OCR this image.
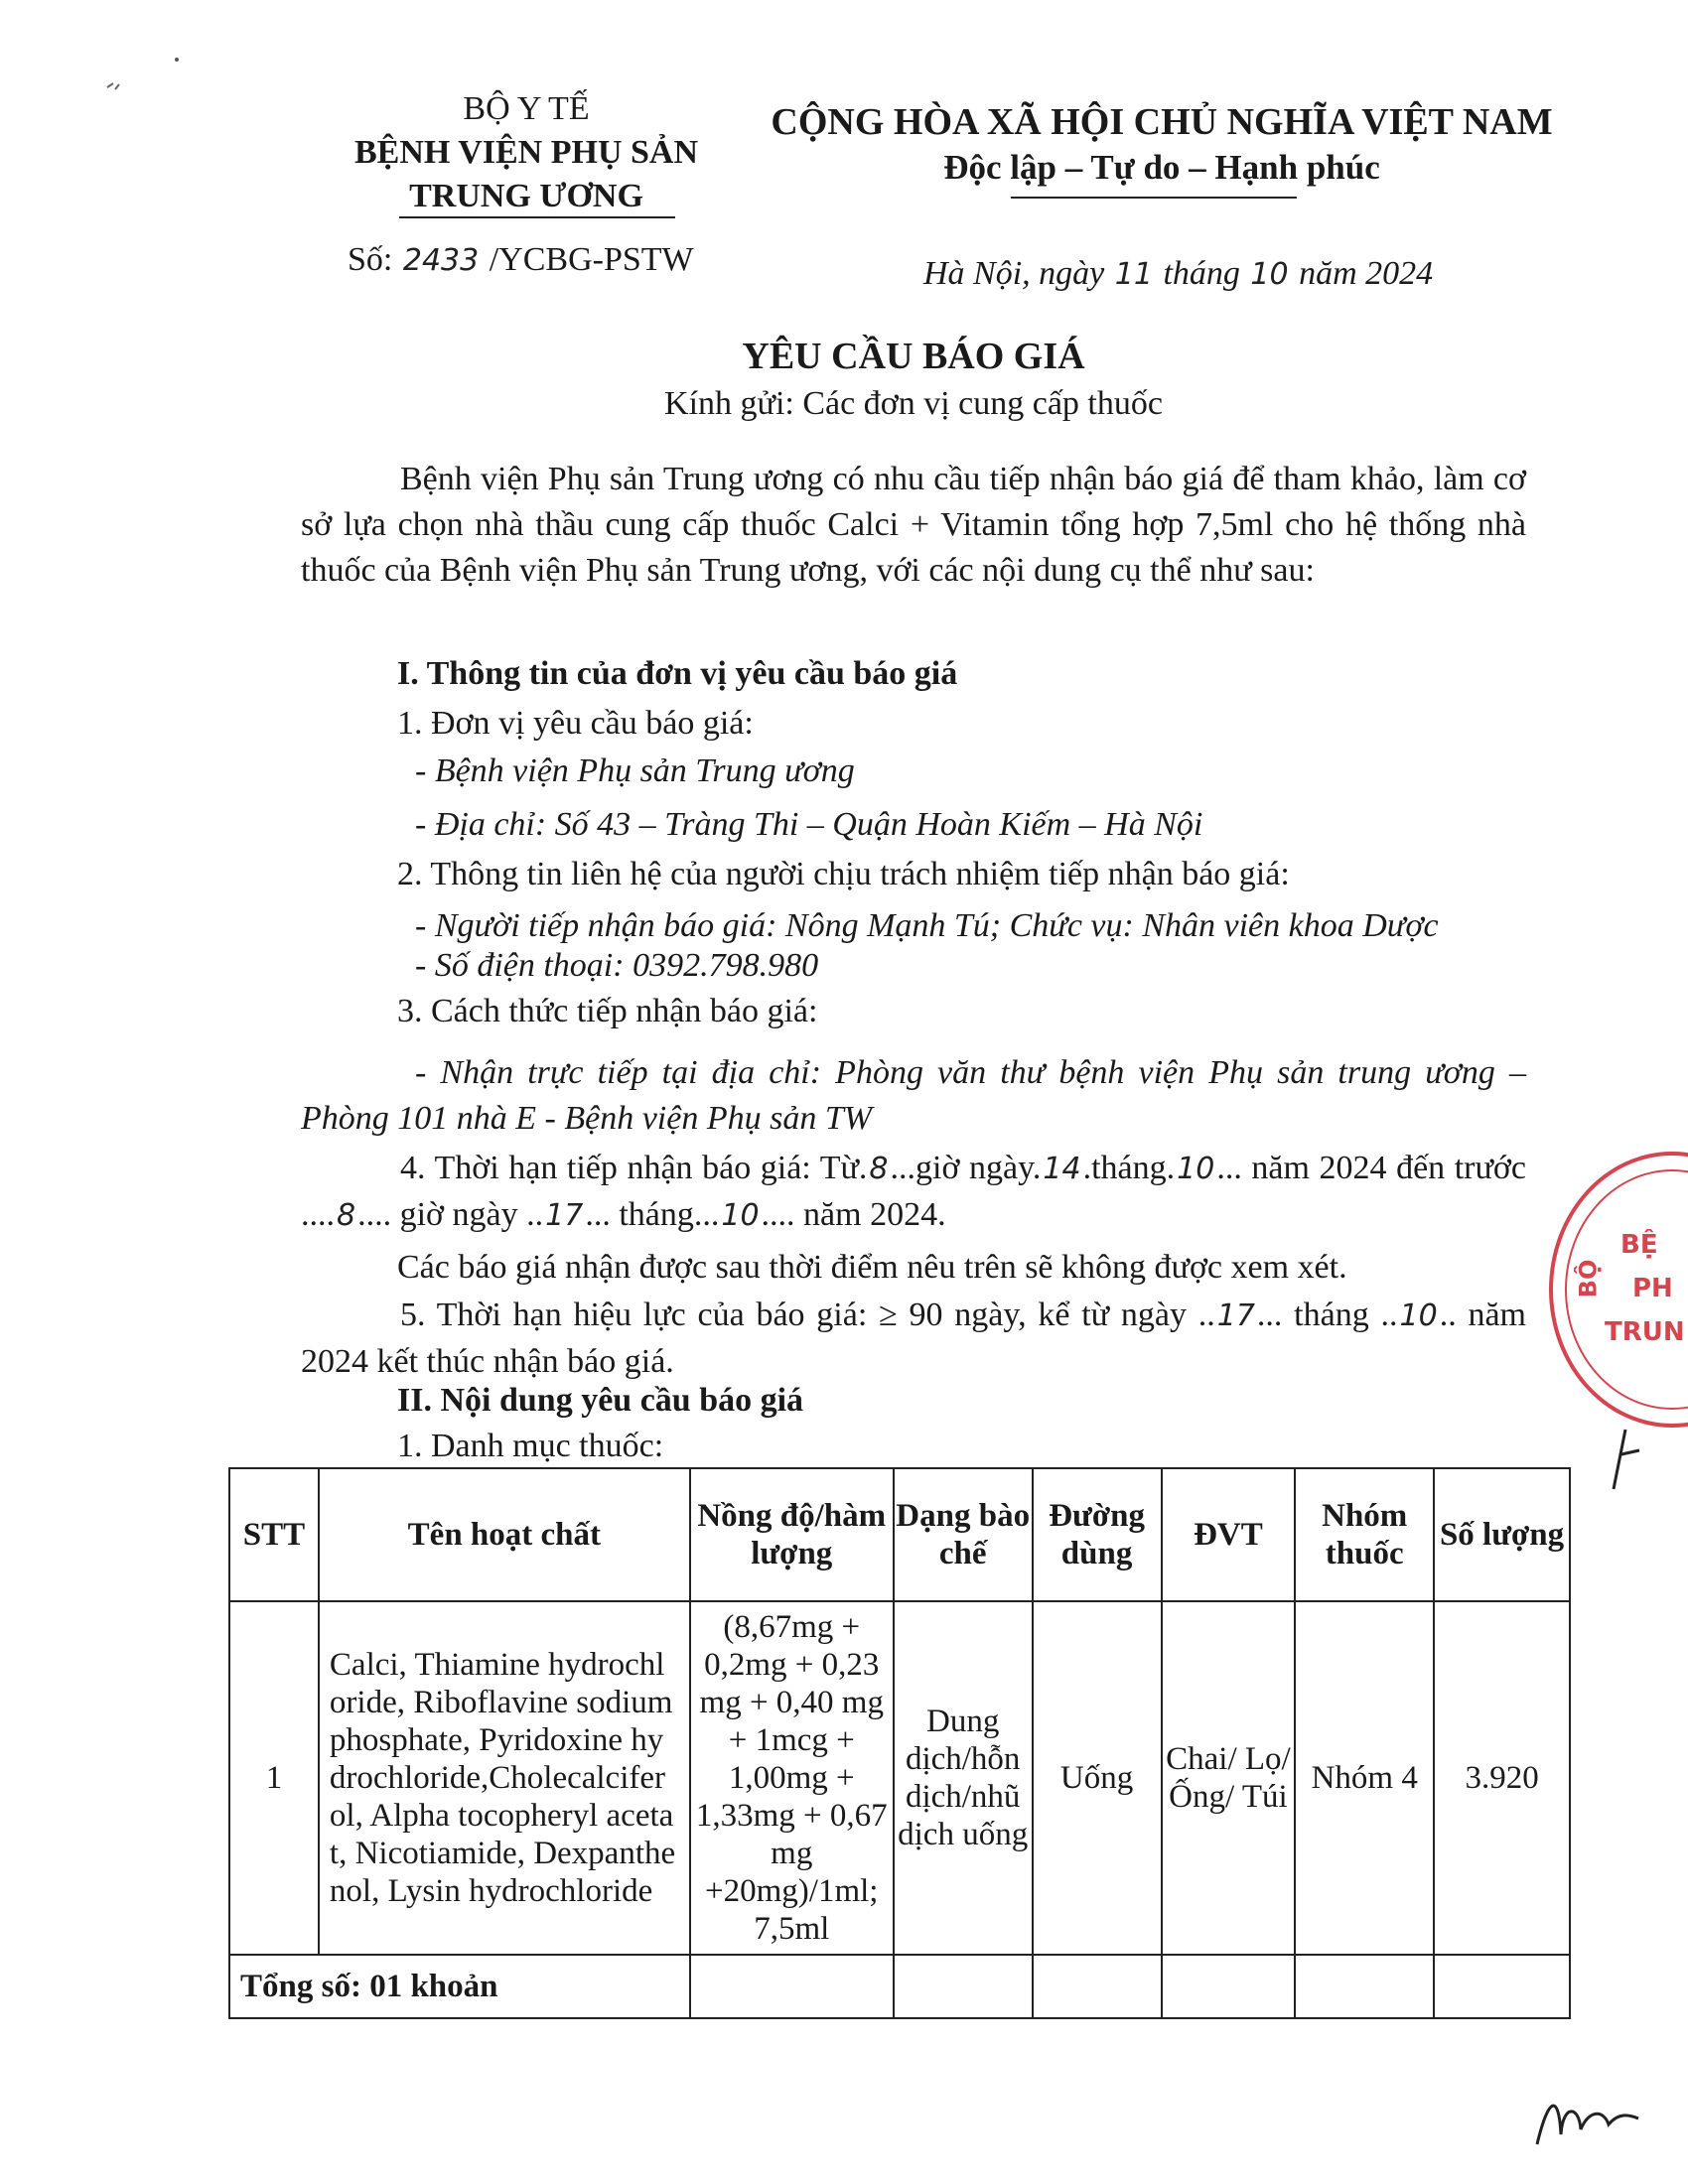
BỘ Y TẾ
BỆNH VIỆN PHỤ SẢN
TRUNG ƯƠNG
Số: 2433 /YCBG-PSTW
CỘNG HÒA XÃ HỘI CHỦ NGHĨA VIỆT NAM
Độc lập – Tự do – Hạnh phúc
Hà Nội, ngày 11 tháng 10 năm 2024
YÊU CẦU BÁO GIÁ
Kính gửi: Các đơn vị cung cấp thuốc
Bệnh viện Phụ sản Trung ương có nhu cầu tiếp nhận báo giá để tham khảo, làm cơ sở lựa chọn nhà thầu cung cấp thuốc Calci + Vitamin tổng hợp 7,5ml cho hệ thống nhà thuốc của Bệnh viện Phụ sản Trung ương, với các nội dung cụ thể như sau:
I. Thông tin của đơn vị yêu cầu báo giá
1. Đơn vị yêu cầu báo giá:
- Bệnh viện Phụ sản Trung ương
- Địa chỉ: Số 43 – Tràng Thi – Quận Hoàn Kiếm – Hà Nội
2. Thông tin liên hệ của người chịu trách nhiệm tiếp nhận báo giá:
- Người tiếp nhận báo giá: Nông Mạnh Tú; Chức vụ: Nhân viên khoa Dược
- Số điện thoại: 0392.798.980
3. Cách thức tiếp nhận báo giá:
- Nhận trực tiếp tại địa chỉ: Phòng văn thư bệnh viện Phụ sản trung ương – Phòng 101 nhà E - Bệnh viện Phụ sản TW
4. Thời hạn tiếp nhận báo giá: Từ.8...giờ ngày.14.tháng.10... năm 2024 đến trước ....8.... giờ ngày ..17... tháng...10.... năm 2024.
Các báo giá nhận được sau thời điểm nêu trên sẽ không được xem xét.
5. Thời hạn hiệu lực của báo giá: ≥ 90 ngày, kể từ ngày ..17... tháng ..10.. năm 2024 kết thúc nhận báo giá.
II. Nội dung yêu cầu báo giá
1. Danh mục thuốc:
STT	Tên hoạt chất	Nồng độ/hàm lượng	Dạng bào chế	Đường dùng	ĐVT	Nhóm thuốc	Số lượng
1	Calci, Thiamine hydrochloride, Riboflavine sodium phosphate, Pyridoxine hydrochloride,Cholecalciferol, Alpha tocopheryl acetat, Nicotiamide, Dexpanthenol, Lysin hydrochloride	(8,67mg + 0,2mg + 0,23 mg + 0,40 mg + 1mcg + 1,00mg + 1,33mg + 0,67 mg +20mg)/1ml; 7,5ml	Dung dịch/hỗn dịch/nhũ dịch uống	Uống	Chai/ Lọ/ Ống/ Túi	Nhóm 4	3.920
Tổng số: 01 khoản							
BỘ
BỆ
PH
TRUN
